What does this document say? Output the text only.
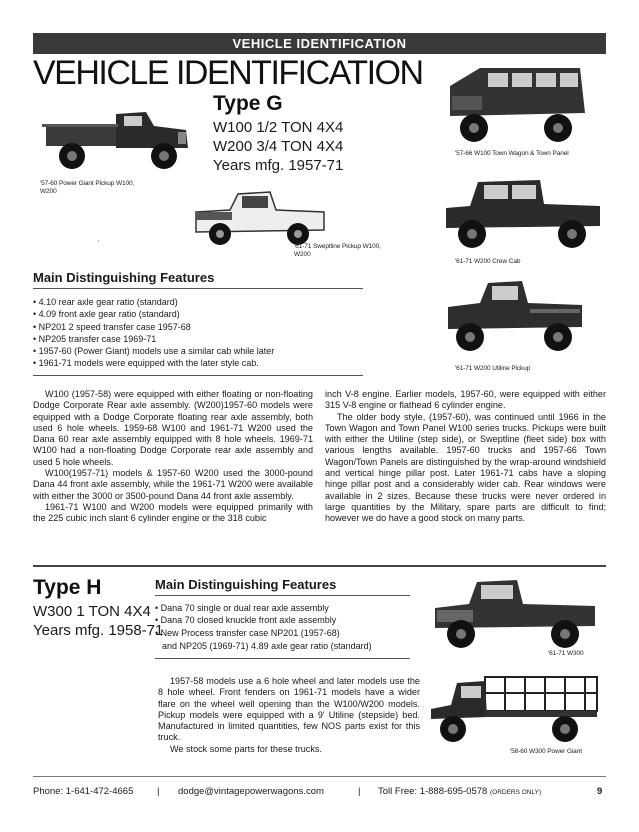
VEHICLE IDENTIFICATION
VEHICLE IDENTIFICATION
Type G
W100 1/2 TON 4X4
W200 3/4 TON 4X4
Years mfg. 1957-71
'57-60 Power Giant Pickup W100, W200
'57-66 W100 Town Wagon & Town Panel
'	'61-71 Sweptline Pickup W100, W200
'61-71 W200 Crew Cab
'61-71 W200 Utiline Pickup
Main Distinguishing Features
• 4.10 rear axle gear ratio (standard)
• 4.09 front axle gear ratio (standard)
• NP201 2 speed transfer case 1957-68
• NP205 transfer case 1969-71
• 1957-60 (Power Giant) models use a similar cab while later
• 1961-71 models were equipped with the later style cab.

W100 (1957-58) were equipped with either floating or non-floating Dodge Corporate Rear axle assembly. (W200)1957-60 models were equipped with a Dodge Corporate floating rear axle assembly, both used 6 hole wheels. 1959-68 W100 and 1961-71 W200 used the Dana 60 rear axle assembly equipped with 8 hole wheels. 1969-71 W100 had a non-floating Dodge Corporate rear axle assembly and used 5 hole wheels.

W100(1957-71) models & 1957-60 W200 used the 3000-pound Dana 44 front axle assembly, while the 1961-71 W200 were available with either the 3000 or 3500-pound Dana 44 front axle assembly.

1961-71 W100 and W200 models were equipped primarily with the 225 cubic inch slant 6 cylinder engine or the 318 cubic

inch V-8 engine. Earlier models, 1957-60, were equipped with either 315 V-8 engine or flathead 6 cylinder engine.

The older body style, (1957-60), was continued until 1966 in the Town Wagon and Town Panel W100 series trucks. Pickups were built with either the Utiline (step side), or Sweptline (fleet side) box with various lengths available. 1957-60 trucks and 1957-66 Town Wagon/Town Panels are distinguished by the wrap-around windshield and vertical hinge pillar post. Later 1961-71 cabs have a sloping hinge pillar post and a considerably wider cab. Rear windows were available in 2 sizes. Because these trucks were never ordered in large quantities by the Military, spare parts are difficult to find; however we do have a good stock on many parts.

Type H
W300 1 TON 4X4
Years mfg. 1958-71
Main Distinguishing Features
• Dana 70 single or dual rear axle assembly
• Dana 70 closed knuckle front axle assembly
• New Process transfer case NP201 (1957-68)
and NP205 (1969-71) 4.89 axle gear ratio (standard)

1957-58 models use a 6 hole wheel and later models use the 8 hole wheel. Front fenders on 1961-71 models have a wider flare on the wheel well opening than the W100/W200 models. Pickup models were equipped with a 9' Utiline (stepside) bed. Manufactured in limited quantities, few NOS parts exist for this truck.

We stock some parts for these trucks.

'61-71 W300
'58-60 W300 Power Giant
Phone: 1-641-472-4665 | dodge@vintagepowerwagons.com	| Toll Free: 1-888-695-0578 (ORDERS ONLY)	9
